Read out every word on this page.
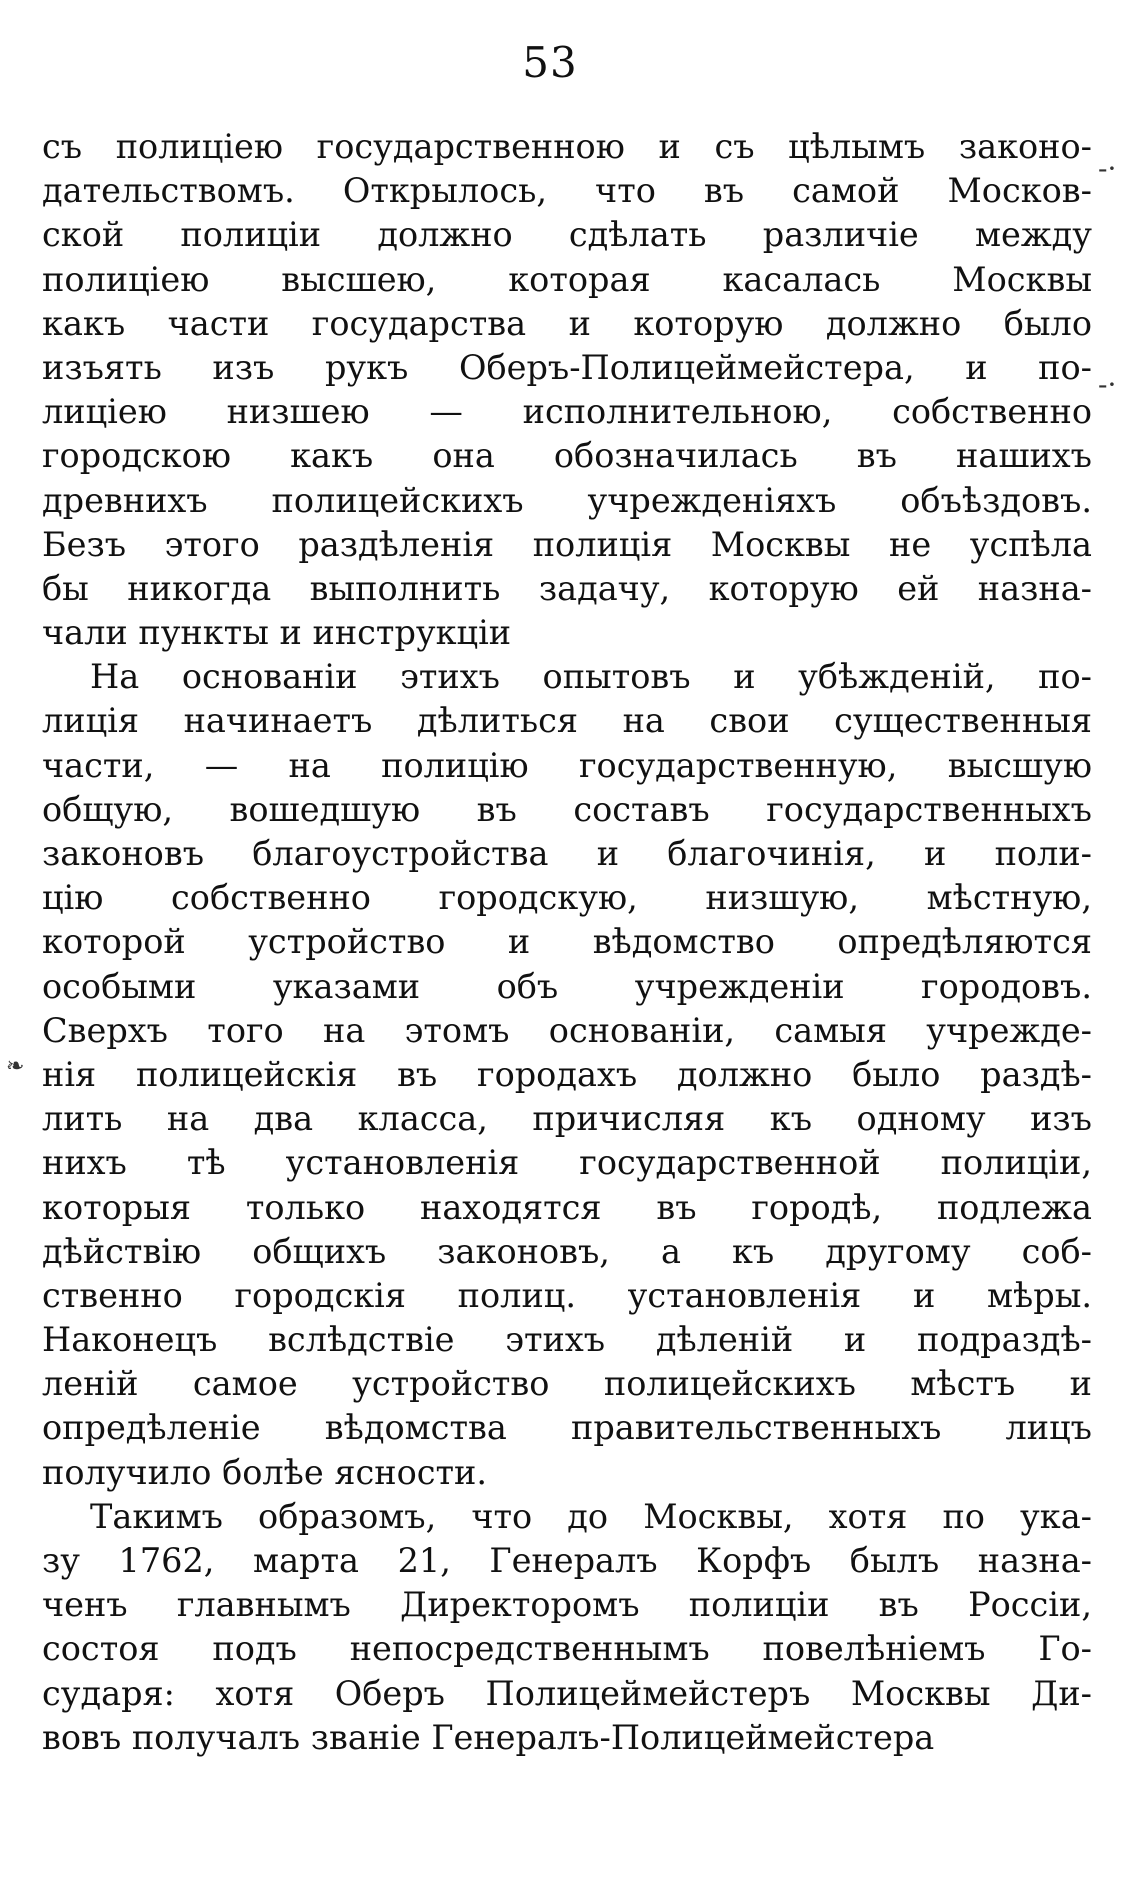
53
съ полиціею государственною и съ цѣлымъ законо-
дательствомъ. Открылось, что въ самой Москов-
ской полиціи должно сдѣлать различіе между
полиціею высшею, которая касалась Москвы
какъ части государства и которую должно было
изъять изъ рукъ Оберъ-Полицеймейстера, и по-
лиціею низшею — исполнительною, собственно
городскою какъ она обозначилась въ нашихъ
древнихъ полицейскихъ учрежденіяхъ объѣздовъ.
Безъ этого раздѣленія полиція Москвы не успѣла
бы никогда выполнить задачу, которую ей назна-
чали пункты и инструкціи
На основаніи этихъ опытовъ и убѣжденій, по-
лиція начинаетъ дѣлиться на свои существенныя
части, — на полицію государственную, высшую
общую, вошедшую въ составъ государственныхъ
законовъ благоустройства и благочинія, и поли-
цію собственно городскую, низшую, мѣстную,
которой устройство и вѣдомство опредѣляются
особыми указами объ учрежденіи городовъ.
Сверхъ того на этомъ основаніи, самыя учрежде-
нія полицейскія въ городахъ должно было раздѣ-
лить на два класса, причисляя къ одному изъ
нихъ тѣ установленія государственной полиціи,
которыя только находятся въ городѣ, подлежа
дѣйствію общихъ законовъ, а къ другому соб-
ственно городскія полиц. установленія и мѣры.
Наконецъ вслѣдствіе этихъ дѣленій и подраздѣ-
леній самое устройство полицейскихъ мѣстъ и
опредѣленіе вѣдомства правительственныхъ лицъ
получило болѣе ясности.
Такимъ образомъ, что до Москвы, хотя по ука-
зу 1762, марта 21, Генералъ Корфъ былъ назна-
ченъ главнымъ Директоромъ полиціи въ Россіи,
состоя подъ непосредственнымъ повелѣніемъ Го-
сударя: хотя Оберъ Полицеймейстеръ Москвы Ди-
вовъ получалъ званіе Генералъ-Полицеймейстера
-·
-·
❧
